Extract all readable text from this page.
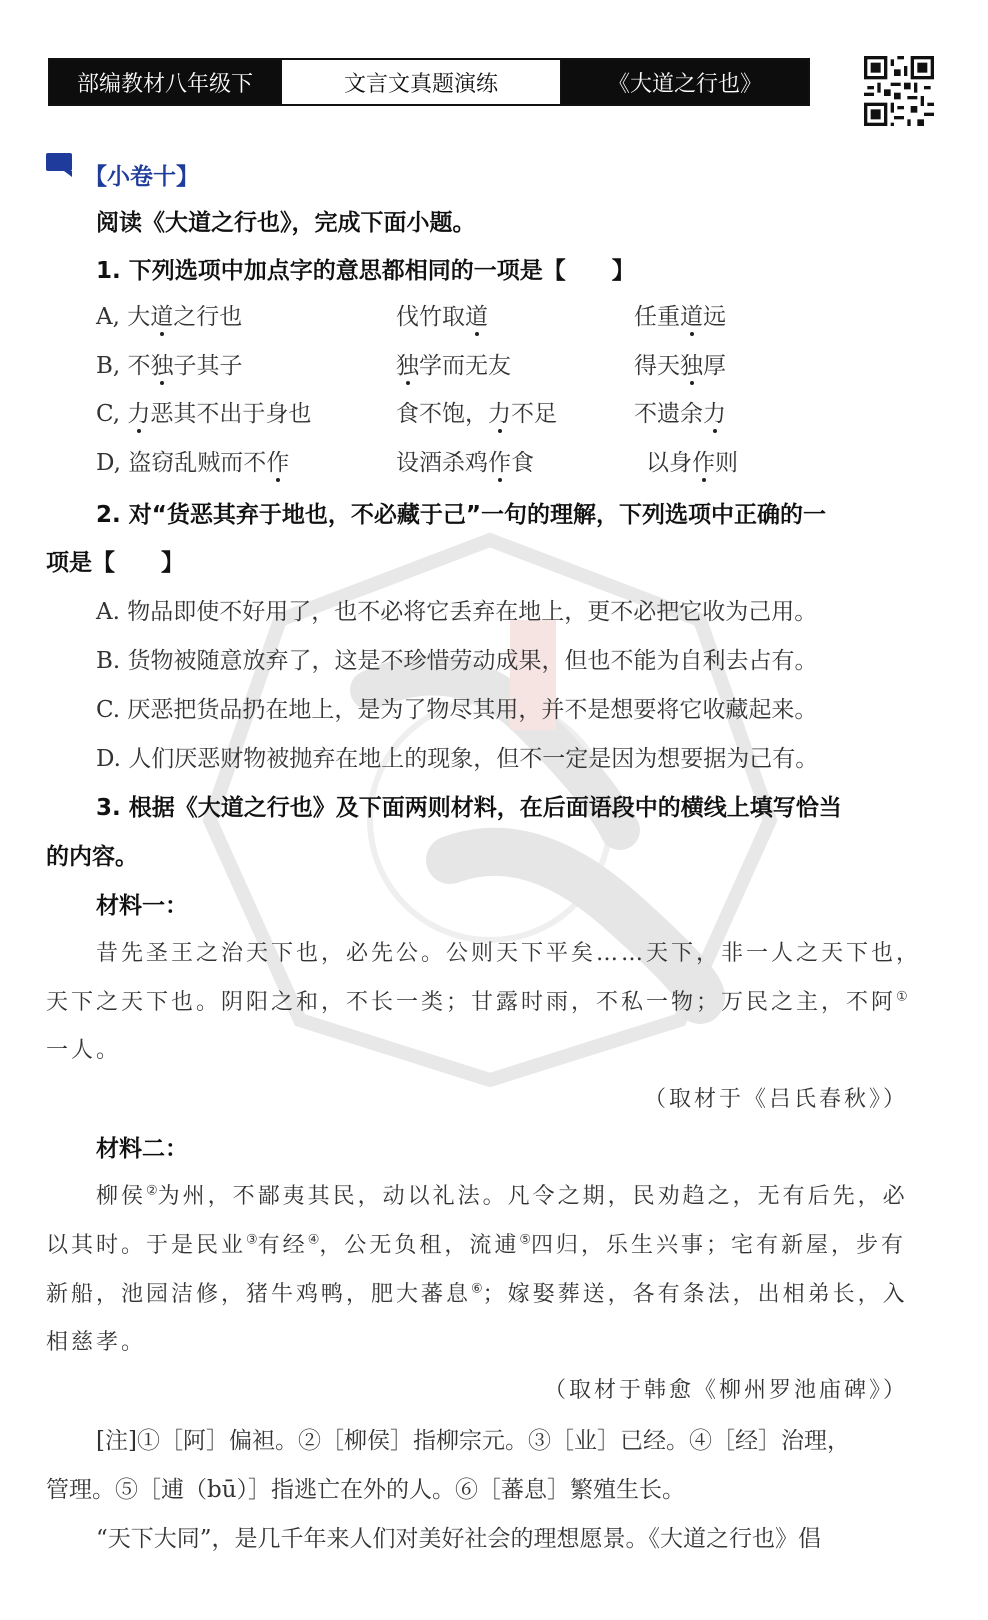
部编教材八年级下	文言文真题演练	《大道之行也》
【小卷十】
阅读《大道之行也》，完成下面小题。
1. 下列选项中加点字的意思都相同的一项是【　　】
A, 大道之行也	伐竹取道	任重道远
B, 不独子其子	独学而无友	得天独厚
C, 力恶其不出于身也	食不饱，力不足	不遗余力
D, 盗窃乱贼而不作	设酒杀鸡作食	以身作则
2. 对“货恶其弃于地也，不必藏于己”一句的理解，下列选项中正确的一
项是【　　】
A. 物品即使不好用了，也不必将它丢弃在地上，更不必把它收为己用。
B. 货物被随意放弃了，这是不珍惜劳动成果，但也不能为自利去占有。
C. 厌恶把货品扔在地上，是为了物尽其用，并不是想要将它收藏起来。
D. 人们厌恶财物被抛弃在地上的现象，但不一定是因为想要据为己有。
3. 根据《大道之行也》及下面两则材料，在后面语段中的横线上填写恰当
的内容。
材料一：
昔先圣王之治天下也，必先公。公则天下平矣……天下，非一人之天下也，
天下之天下也。阴阳之和，不长一类；甘露时雨，不私一物；万民之主，不阿①
一人。
（取材于《吕氏春秋》）
材料二：
柳侯②为州，不鄙夷其民，动以礼法。凡令之期，民劝趋之，无有后先，必
以其时。于是民业③有经④，公无负租，流逋⑤四归，乐生兴事；宅有新屋，步有
新船，池园洁修，猪牛鸡鸭，肥大蕃息⑥；嫁娶葬送，各有条法，出相弟长，入
相慈孝。
（取材于韩愈《柳州罗池庙碑》）
[注]①［阿］偏袒。②［柳侯］指柳宗元。③［业］已经。④［经］治理，
管理。⑤［逋（bū）］指逃亡在外的人。⑥［蕃息］繁殖生长。
“天下大同”，是几千年来人们对美好社会的理想愿景。《大道之行也》倡
